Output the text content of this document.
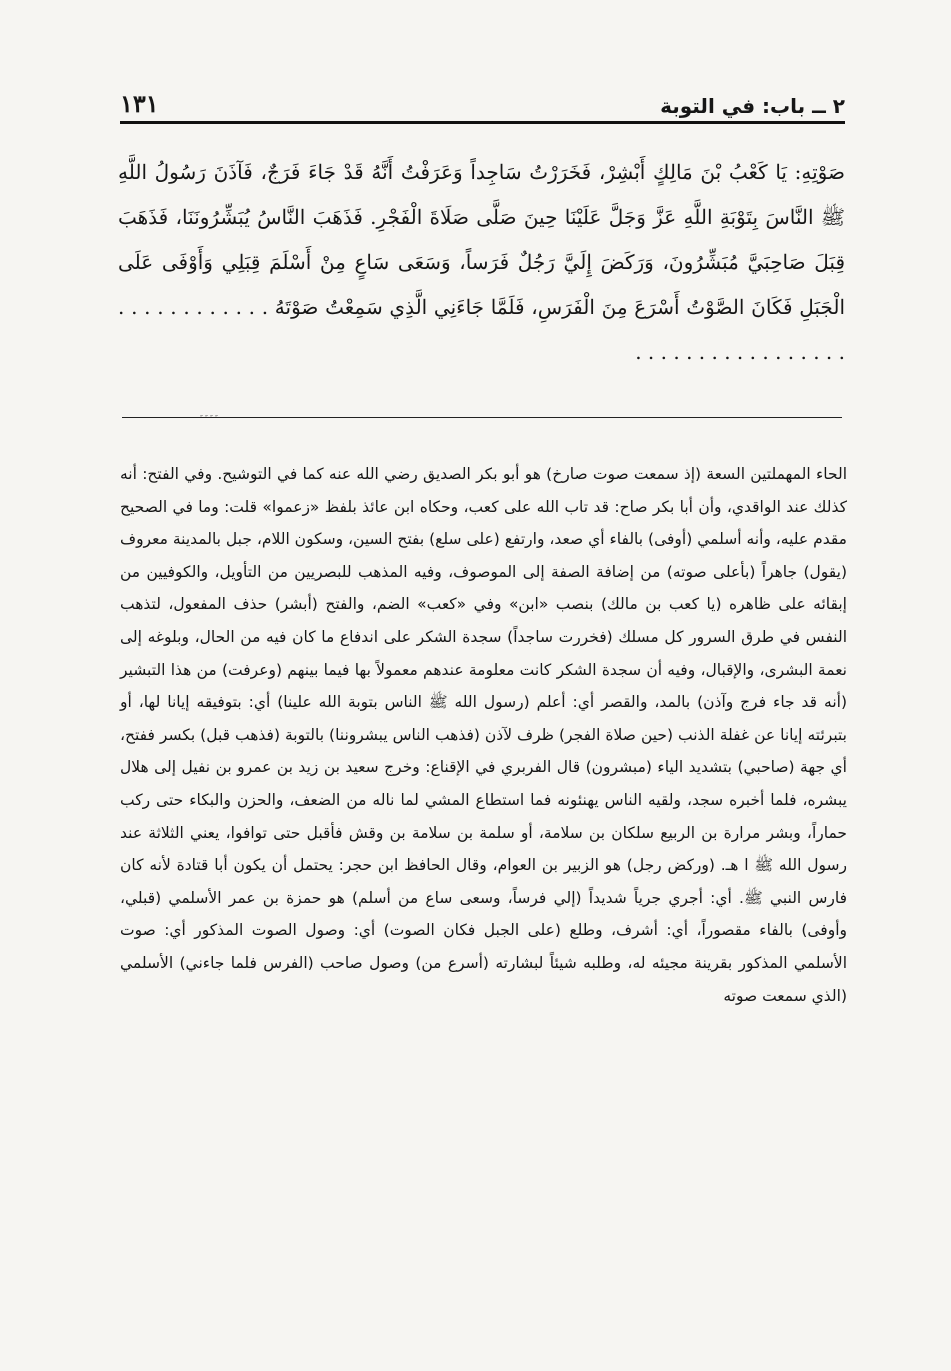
١٣١	٢ ــ باب: في التوبة

صَوْتِهِ: يَا كَعْبُ بْنَ مَالِكٍ أَبْشِرْ، فَخَرَرْتُ سَاجِداً وَعَرَفْتُ أَنَّهُ قَدْ جَاءَ فَرَجٌ، فَآذَنَ رَسُولُ اللَّهِ ﷺ النَّاسَ بِتَوْبَةِ اللَّهِ عَزَّ وَجَلَّ عَلَيْنَا حِينَ صَلَّى صَلَاةَ الْفَجْرِ. فَذَهَبَ النَّاسُ يُبَشِّرُونَنَا، فَذَهَبَ قِبَلَ صَاحِبَيَّ مُبَشِّرُونَ، وَرَكَضَ إِلَيَّ رَجُلٌ فَرَساً، وَسَعَى سَاعٍ مِنْ أَسْلَمَ قِبَلِي وَأَوْفَى عَلَى الْجَبَلِ فَكَانَ الصَّوْتُ أَسْرَعَ مِنَ الْفَرَسِ، فَلَمَّا جَاءَنِي الَّذِي سَمِعْتُ صَوْتَهُ . . . . . . . . . . . . . . . . . . . . . . . . . . . . .

″″″″

الحاء المهملتين السعة (إذ سمعت صوت صارخ) هو أبو بكر الصديق رضي الله عنه كما في التوشيح. وفي الفتح: أنه كذلك عند الواقدي، وأن أبا بكر صاح: قد تاب الله على كعب، وحكاه ابن عائذ بلفظ «زعموا» قلت: وما في الصحيح مقدم عليه، وأنه أسلمي (أوفى) بالفاء أي صعد، وارتفع (على سلع) بفتح السين، وسكون اللام، جبل بالمدينة معروف (يقول) جاهراً (بأعلى صوته) من إضافة الصفة إلى الموصوف، وفيه المذهب للبصريين من التأويل، والكوفيين من إبقائه على ظاهره (يا كعب بن مالك) بنصب «ابن» وفي «كعب» الضم، والفتح (أبشر) حذف المفعول، لتذهب النفس في طرق السرور كل مسلك (فخررت ساجداً) سجدة الشكر على اندفاع ما كان فيه من الحال، وبلوغه إلى نعمة البشرى، والإقبال، وفيه أن سجدة الشكر كانت معلومة عندهم معمولاً بها فيما بينهم (وعرفت) من هذا التبشير (أنه قد جاء فرج وآذن) بالمد، والقصر أي: أعلم (رسول الله ﷺ الناس بتوبة الله علينا) أي: بتوفيقه إيانا لها، أو بتبرئته إيانا عن غفلة الذنب (حين صلاة الفجر) ظرف لآذن (فذهب الناس يبشروننا) بالتوبة (فذهب قبل) بكسر ففتح، أي جهة (صاحبي) بتشديد الياء (مبشرون) قال الفربري في الإقناع: وخرج سعيد بن زيد بن عمرو بن نفيل إلى هلال يبشره، فلما أخبره سجد، ولقيه الناس يهنئونه فما استطاع المشي لما ناله من الضعف، والحزن والبكاء حتى ركب حماراً، وبشر مرارة بن الربيع سلكان بن سلامة، أو سلمة بن سلامة بن وقش فأقبل حتى توافوا، يعني الثلاثة عند رسول الله ﷺ ا هـ. (وركض رجل) هو الزبير بن العوام، وقال الحافظ ابن حجر: يحتمل أن يكون أبا قتادة لأنه كان فارس النبي ﷺ. أي: أجري جرياً شديداً (إلي فرساً، وسعى ساع من أسلم) هو حمزة بن عمر الأسلمي (قبلي، وأوفى) بالفاء مقصوراً، أي: أشرف، وطلع (على الجبل فكان الصوت) أي: وصول الصوت المذكور أي: صوت الأسلمي المذكور بقرينة مجيئه له، وطلبه شيئاً لبشارته (أسرع من) وصول صاحب (الفرس فلما جاءني) الأسلمي (الذي سمعت صوته
